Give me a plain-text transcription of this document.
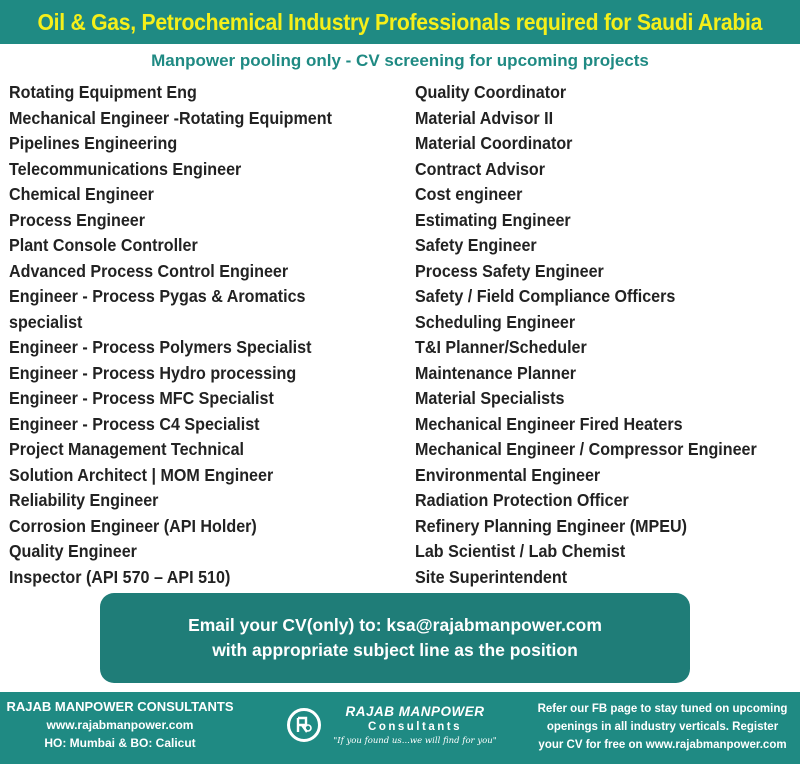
Oil & Gas, Petrochemical Industry Professionals required for Saudi Arabia
Manpower pooling only - CV screening for upcoming projects
Rotating Equipment Eng
Mechanical Engineer -Rotating Equipment
Pipelines Engineering
Telecommunications Engineer
Chemical Engineer
Process Engineer
Plant Console Controller
Advanced Process Control Engineer
Engineer - Process Pygas & Aromatics
specialist
Engineer - Process Polymers Specialist
Engineer - Process Hydro processing
Engineer - Process MFC Specialist
Engineer - Process C4 Specialist
Project Management Technical
Solution Architect | MOM Engineer
Reliability Engineer
Corrosion Engineer (API Holder)
Quality Engineer
Inspector (API 570 – API 510)
Quality Coordinator
Material Advisor II
Material Coordinator
Contract Advisor
Cost engineer
Estimating Engineer
Safety Engineer
Process Safety Engineer
Safety / Field Compliance Officers
Scheduling Engineer
T&I Planner/Scheduler
Maintenance Planner
Material Specialists
Mechanical Engineer Fired Heaters
Mechanical Engineer / Compressor Engineer
Environmental Engineer
Radiation Protection Officer
Refinery Planning Engineer (MPEU)
Lab Scientist / Lab Chemist
Site Superintendent
Email your CV(only) to: ksa@rajabmanpower.com
with appropriate subject line as the position
RAJAB MANPOWER CONSULTANTS
www.rajabmanpower.com
HO: Mumbai & BO: Calicut
RAJAB MANPOWER
Consultants
"If you found us...we will find for you"
Refer our FB page to stay tuned on upcoming
openings in all industry verticals. Register
your CV for free on www.rajabmanpower.com
